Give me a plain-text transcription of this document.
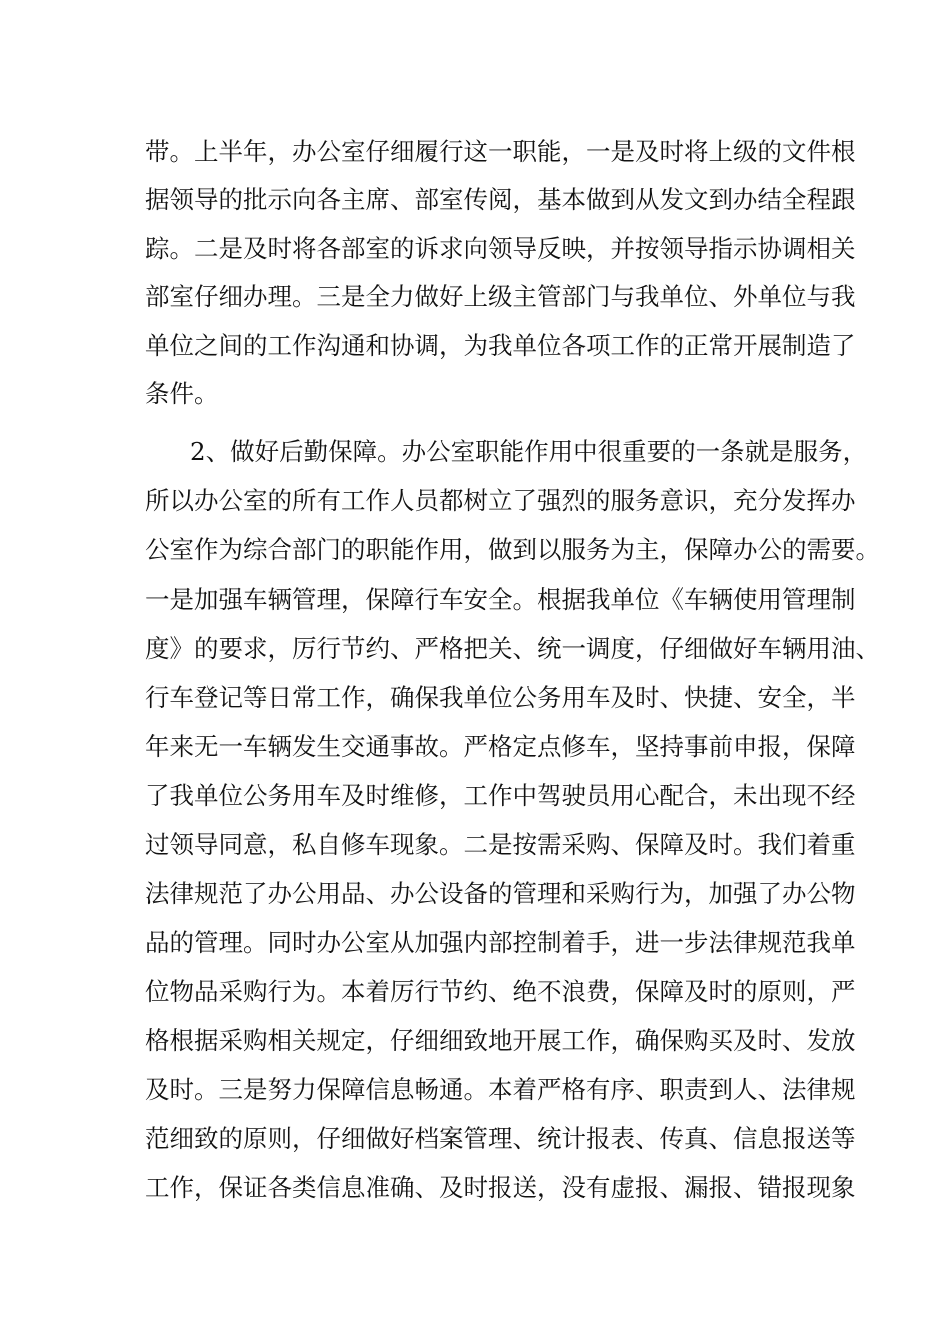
带。上半年，办公室仔细履行这一职能，一是及时将上级的文件根
据领导的批示向各主席、部室传阅，基本做到从发文到办结全程跟
踪。二是及时将各部室的诉求向领导反映，并按领导指示协调相关
部室仔细办理。三是全力做好上级主管部门与我单位、外单位与我
单位之间的工作沟通和协调，为我单位各项工作的正常开展制造了
条件。
2、做好后勤保障。办公室职能作用中很重要的一条就是服务，
所以办公室的所有工作人员都树立了强烈的服务意识，充分发挥办
公室作为综合部门的职能作用，做到以服务为主，保障办公的需要。
一是加强车辆管理，保障行车安全。根据我单位《车辆使用管理制
度》的要求，厉行节约、严格把关、统一调度，仔细做好车辆用油、
行车登记等日常工作，确保我单位公务用车及时、快捷、安全，半
年来无一车辆发生交通事故。严格定点修车，坚持事前申报，保障
了我单位公务用车及时维修，工作中驾驶员用心配合，未出现不经
过领导同意，私自修车现象。二是按需采购、保障及时。我们着重
法律规范了办公用品、办公设备的管理和采购行为，加强了办公物
品的管理。同时办公室从加强内部控制着手，进一步法律规范我单
位物品采购行为。本着厉行节约、绝不浪费，保障及时的原则，严
格根据采购相关规定，仔细细致地开展工作，确保购买及时、发放
及时。三是努力保障信息畅通。本着严格有序、职责到人、法律规
范细致的原则，仔细做好档案管理、统计报表、传真、信息报送等
工作，保证各类信息准确、及时报送，没有虚报、漏报、错报现象
